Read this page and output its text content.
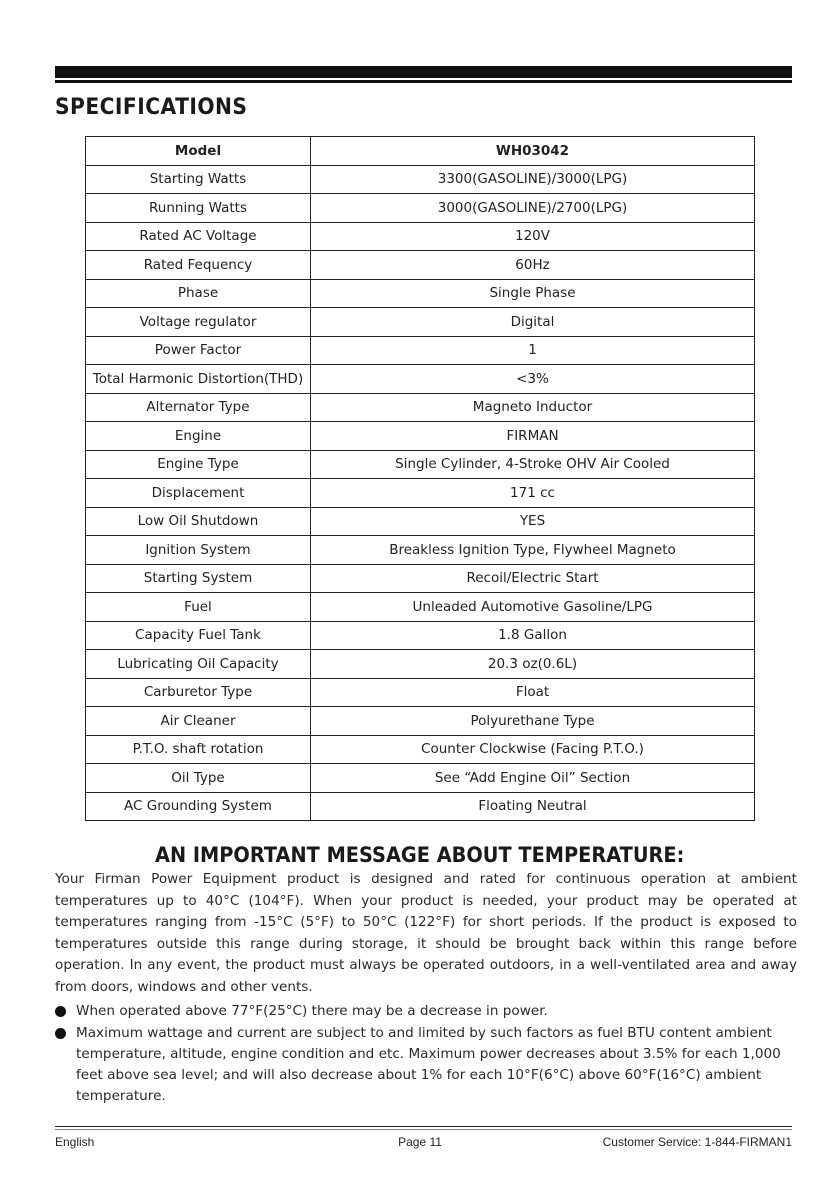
SPECIFICATIONS
Model	WH03042
Starting Watts	3300(GASOLINE)/3000(LPG)
Running Watts	3000(GASOLINE)/2700(LPG)
Rated AC Voltage	120V
Rated Fequency	60Hz
Phase	Single Phase
Voltage regulator	Digital
Power Factor	1
Total Harmonic Distortion(THD)	<3%
Alternator Type	Magneto Inductor
Engine	FIRMAN
Engine Type	Single Cylinder, 4-Stroke OHV Air Cooled
Displacement	171 cc
Low Oil Shutdown	YES
Ignition System	Breakless Ignition Type, Flywheel Magneto
Starting System	Recoil/Electric Start
Fuel	Unleaded Automotive Gasoline/LPG
Capacity Fuel Tank	1.8 Gallon
Lubricating Oil Capacity	20.3 oz(0.6L)
Carburetor Type	Float
Air Cleaner	Polyurethane Type
P.T.O. shaft rotation	Counter Clockwise (Facing P.T.O.)
Oil Type	See “Add Engine Oil” Section
AC Grounding System	Floating Neutral
AN IMPORTANT MESSAGE ABOUT TEMPERATURE:
Your Firman Power Equipment product is designed and rated for continuous operation at ambient temperatures up to 40°C (104°F). When your product is needed, your product may be operated at temperatures ranging from -15°C (5°F) to 50°C (122°F) for short periods. If the product is exposed to temperatures outside this range during storage, it should be brought back within this range before operation. In any event, the product must always be operated outdoors, in a well-ventilated area and away from doors, windows and other vents.
When operated above 77°F(25°C) there may be a decrease in power.
Maximum wattage and current are subject to and limited by such factors as fuel BTU content ambient temperature, altitude, engine condition and etc. Maximum power decreases about 3.5% for each 1,000 feet above sea level; and will also decrease about 1% for each 10°F(6°C) above 60°F(16°C) ambient temperature.
English	Page 11	Customer Service: 1-844-FIRMAN1
